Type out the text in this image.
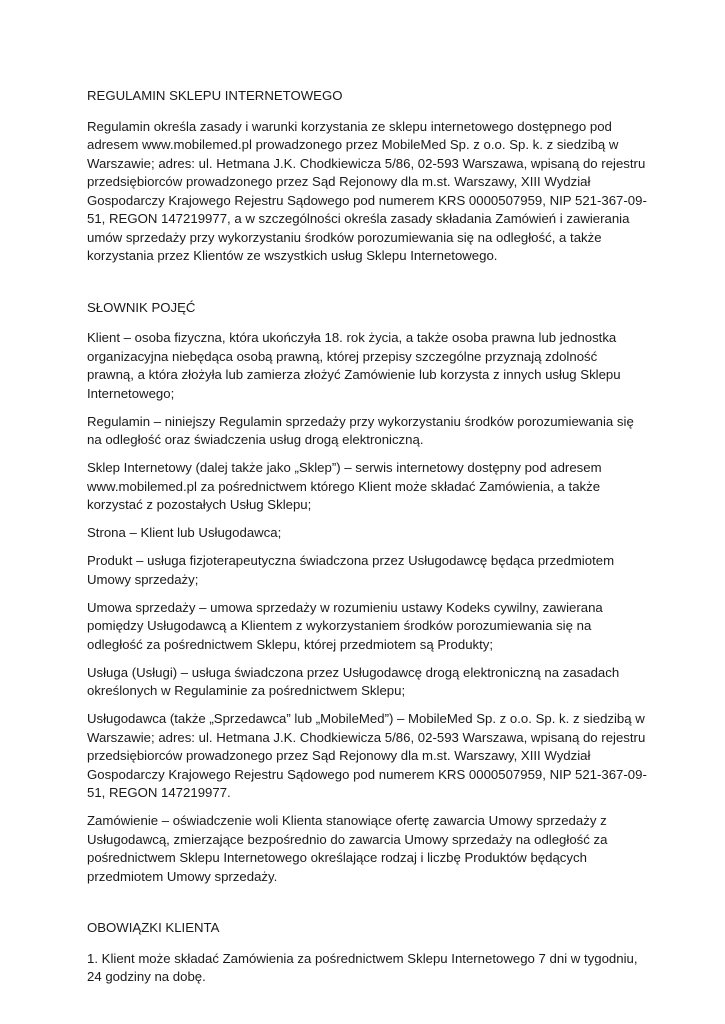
REGULAMIN SKLEPU INTERNETOWEGO

Regulamin określa zasady i warunki korzystania ze sklepu internetowego dostępnego pod adresem www.mobilemed.pl prowadzonego przez MobileMed Sp. z o.o. Sp. k. z siedzibą w Warszawie; adres: ul. Hetmana J.K. Chodkiewicza 5/86, 02-593 Warszawa, wpisaną do rejestru przedsiębiorców prowadzonego przez Sąd Rejonowy dla m.st. Warszawy, XIII Wydział Gospodarczy Krajowego Rejestru Sądowego pod numerem KRS 0000507959, NIP 521-367-09-51, REGON 147219977, a w szczególności określa zasady składania Zamówień i zawierania umów sprzedaży przy wykorzystaniu środków porozumiewania się na odległość, a także korzystania przez Klientów ze wszystkich usług Sklepu Internetowego.

SŁOWNIK POJĘĆ

Klient – osoba fizyczna, która ukończyła 18. rok życia, a także osoba prawna lub jednostka organizacyjna niebędąca osobą prawną, której przepisy szczególne przyznają zdolność prawną, a która złożyła lub zamierza złożyć Zamówienie lub korzysta z innych usług Sklepu Internetowego;

Regulamin – niniejszy Regulamin sprzedaży przy wykorzystaniu środków porozumiewania się na odległość oraz świadczenia usług drogą elektroniczną.

Sklep Internetowy (dalej także jako „Sklep”) – serwis internetowy dostępny pod adresem www.mobilemed.pl za pośrednictwem którego Klient może składać Zamówienia, a także korzystać z pozostałych Usług Sklepu;

Strona – Klient lub Usługodawca;

Produkt – usługa fizjoterapeutyczna świadczona przez Usługodawcę będąca przedmiotem Umowy sprzedaży;

Umowa sprzedaży – umowa sprzedaży w rozumieniu ustawy Kodeks cywilny, zawierana pomiędzy Usługodawcą a Klientem z wykorzystaniem środków porozumiewania się na odległość za pośrednictwem Sklepu, której przedmiotem są Produkty;

Usługa (Usługi) – usługa świadczona przez Usługodawcę drogą elektroniczną na zasadach określonych w Regulaminie za pośrednictwem Sklepu;

Usługodawca (także „Sprzedawca” lub „MobileMed”) – MobileMed Sp. z o.o. Sp. k. z siedzibą w Warszawie; adres: ul. Hetmana J.K. Chodkiewicza 5/86, 02-593 Warszawa, wpisaną do rejestru przedsiębiorców prowadzonego przez Sąd Rejonowy dla m.st. Warszawy, XIII Wydział Gospodarczy Krajowego Rejestru Sądowego pod numerem KRS 0000507959, NIP 521-367-09-51, REGON 147219977.

Zamówienie – oświadczenie woli Klienta stanowiące ofertę zawarcia Umowy sprzedaży z Usługodawcą, zmierzające bezpośrednio do zawarcia Umowy sprzedaży na odległość za pośrednictwem Sklepu Internetowego określające rodzaj i liczbę Produktów będących przedmiotem Umowy sprzedaży.

OBOWIĄZKI KLIENTA

1. Klient może składać Zamówienia za pośrednictwem Sklepu Internetowego 7 dni w tygodniu, 24 godziny na dobę.
